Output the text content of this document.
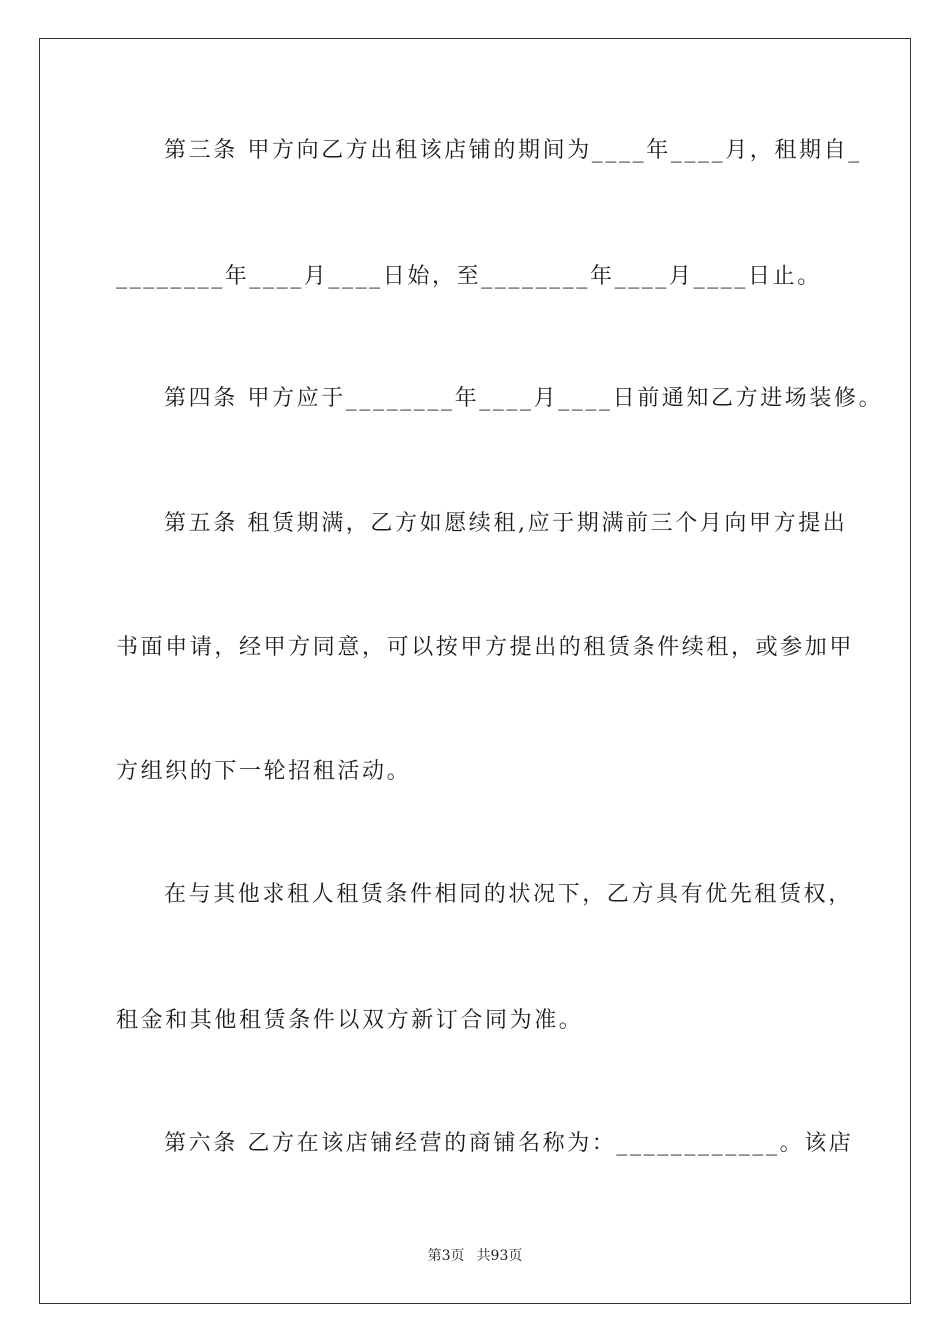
第三条 甲方向乙方出租该店铺的期间为____年____月，租期自_
________年____月____日始，至________年____月____日止。
第四条 甲方应于________年____月____日前通知乙方进场装修。
第五条 租赁期满，乙方如愿续租,应于期满前三个月向甲方提出
书面申请，经甲方同意，可以按甲方提出的租赁条件续租，或参加甲
方组织的下一轮招租活动。
在与其他求租人租赁条件相同的状况下，乙方具有优先租赁权，
租金和其他租赁条件以双方新订合同为准。
第六条 乙方在该店铺经营的商铺名称为：____________。该店
第3页 共93页
